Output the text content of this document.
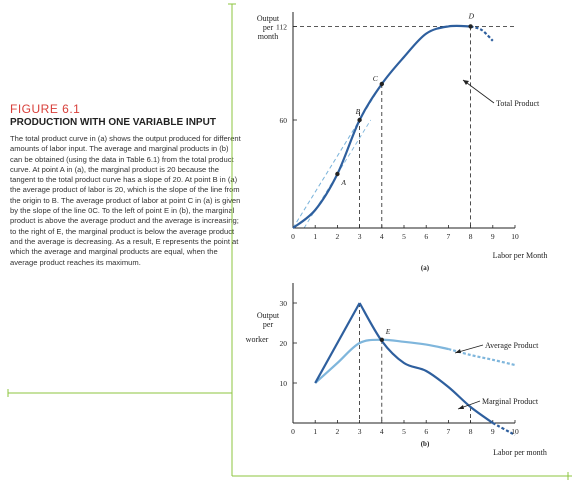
FIGURE 6.1

PRODUCTION WITH ONE VARIABLE INPUT

The total product curve in (a) shows the output produced for different amounts of labor input. The average and marginal products in (b) can be obtained (using the data in Table 6.1) from the total product curve. At point A in (a), the marginal product is 20 because the tangent to the total product curve has a slope of 20. At point B in (a) the average product of labor is 20, which is the slope of the line from the origin to B. The average product of labor at point C in (a) is given by the slope of the line 0C. To the left of point E in (b), the marginal product is above the average product and the average is increasing; to the right of E, the marginal product is below the average product and the average is decreasing. As a result, E represents the point at which the average and marginal products are equal, when the average product reaches its maximum.

A
B
C
D
0 1 2 3 4 5 6 7 8 9 10
60
112
Output
per
month
Labor per Month
(a)
Total Product
E
0 1 2 3 4 5 6 7 8 9 10
10
20
30
Output
per
worker
Labor per month
(b)
Average Product
Marginal Product
